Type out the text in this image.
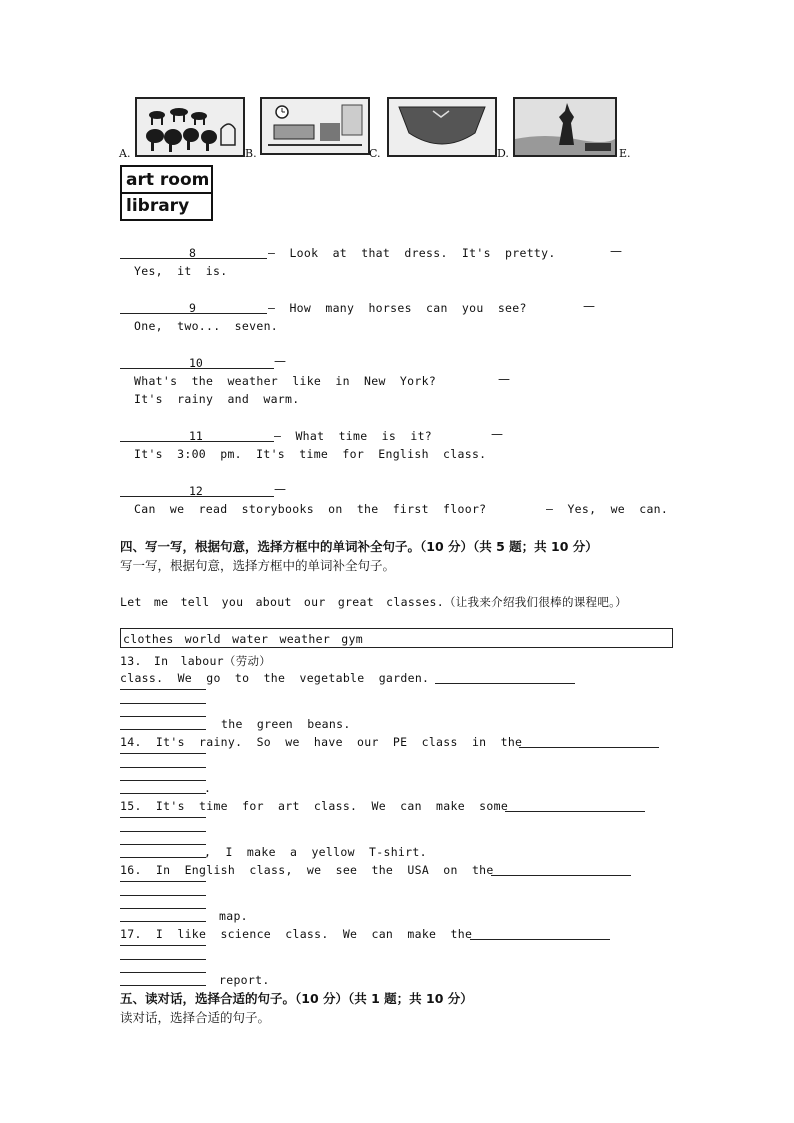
A.	B.	C.	D.	E.
art room
library
8	— Look at that dress. It's pretty.	—
Yes, it is.
9	— How many horses can you see?	—
One, two... seven.
10	—
What's the weather like in New York?	—
It's rainy and warm.
11	— What time is it?	—
It's 3:00 pm. It's time for English class.
12	—
Can we read storybooks on the first floor?	— Yes, we can.
四、写一写，根据句意，选择方框中的单词补全句子。（10 分）（共 5 题；共 10 分）
写一写，根据句意，选择方框中的单词补全句子。
Let me tell you about our great classes.（让我来介绍我们很棒的课程吧。）
clothes world water weather gym
13. In labour（劳动）
class. We go to the vegetable garden.
the green beans.
14. It's rainy. So we have our PE class in the
.
15. It's time for art class. We can make some
, I make a yellow T-shirt.
16. In English class, we see the USA on the
map.
17. I like science class. We can make the
report.
五、读对话，选择合适的句子。（10 分）（共 1 题；共 10 分）
读对话，选择合适的句子。
